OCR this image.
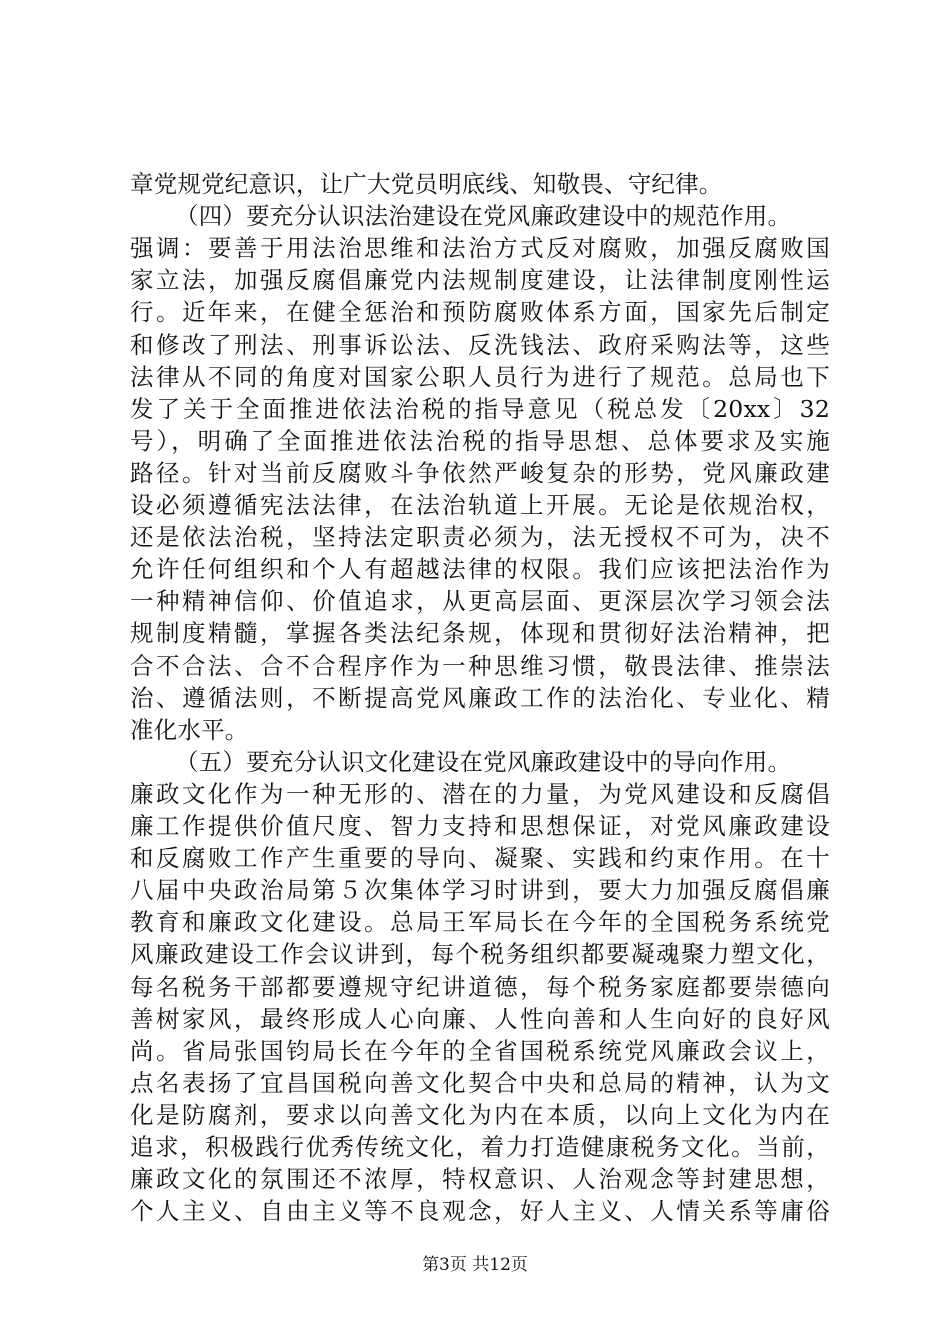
章党规党纪意识，让广大党员明底线、知敬畏、守纪律。
（四）要充分认识法治建设在党风廉政建设中的规范作用。
强调：要善于用法治思维和法治方式反对腐败，加强反腐败国
家立法，加强反腐倡廉党内法规制度建设，让法律制度刚性运
行。近年来，在健全惩治和预防腐败体系方面，国家先后制定
和修改了刑法、刑事诉讼法、反洗钱法、政府采购法等，这些
法律从不同的角度对国家公职人员行为进行了规范。总局也下
发了关于全面推进依法治税的指导意见（税总发〔20xx〕32
号），明确了全面推进依法治税的指导思想、总体要求及实施
路径。针对当前反腐败斗争依然严峻复杂的形势，党风廉政建
设必须遵循宪法法律，在法治轨道上开展。无论是依规治权，
还是依法治税，坚持法定职责必须为，法无授权不可为，决不
允许任何组织和个人有超越法律的权限。我们应该把法治作为
一种精神信仰、价值追求，从更高层面、更深层次学习领会法
规制度精髓，掌握各类法纪条规，体现和贯彻好法治精神，把
合不合法、合不合程序作为一种思维习惯，敬畏法律、推崇法
治、遵循法则，不断提高党风廉政工作的法治化、专业化、精
准化水平。
（五）要充分认识文化建设在党风廉政建设中的导向作用。
廉政文化作为一种无形的、潜在的力量，为党风建设和反腐倡
廉工作提供价值尺度、智力支持和思想保证，对党风廉政建设
和反腐败工作产生重要的导向、凝聚、实践和约束作用。在十
八届中央政治局第５次集体学习时讲到，要大力加强反腐倡廉
教育和廉政文化建设。总局王军局长在今年的全国税务系统党
风廉政建设工作会议讲到，每个税务组织都要凝魂聚力塑文化，
每名税务干部都要遵规守纪讲道德，每个税务家庭都要崇德向
善树家风，最终形成人心向廉、人性向善和人生向好的良好风
尚。省局张国钧局长在今年的全省国税系统党风廉政会议上，
点名表扬了宜昌国税向善文化契合中央和总局的精神，认为文
化是防腐剂，要求以向善文化为内在本质，以向上文化为内在
追求，积极践行优秀传统文化，着力打造健康税务文化。当前，
廉政文化的氛围还不浓厚，特权意识、人治观念等封建思想，
个人主义、自由主义等不良观念，好人主义、人情关系等庸俗
第3页 共12页
